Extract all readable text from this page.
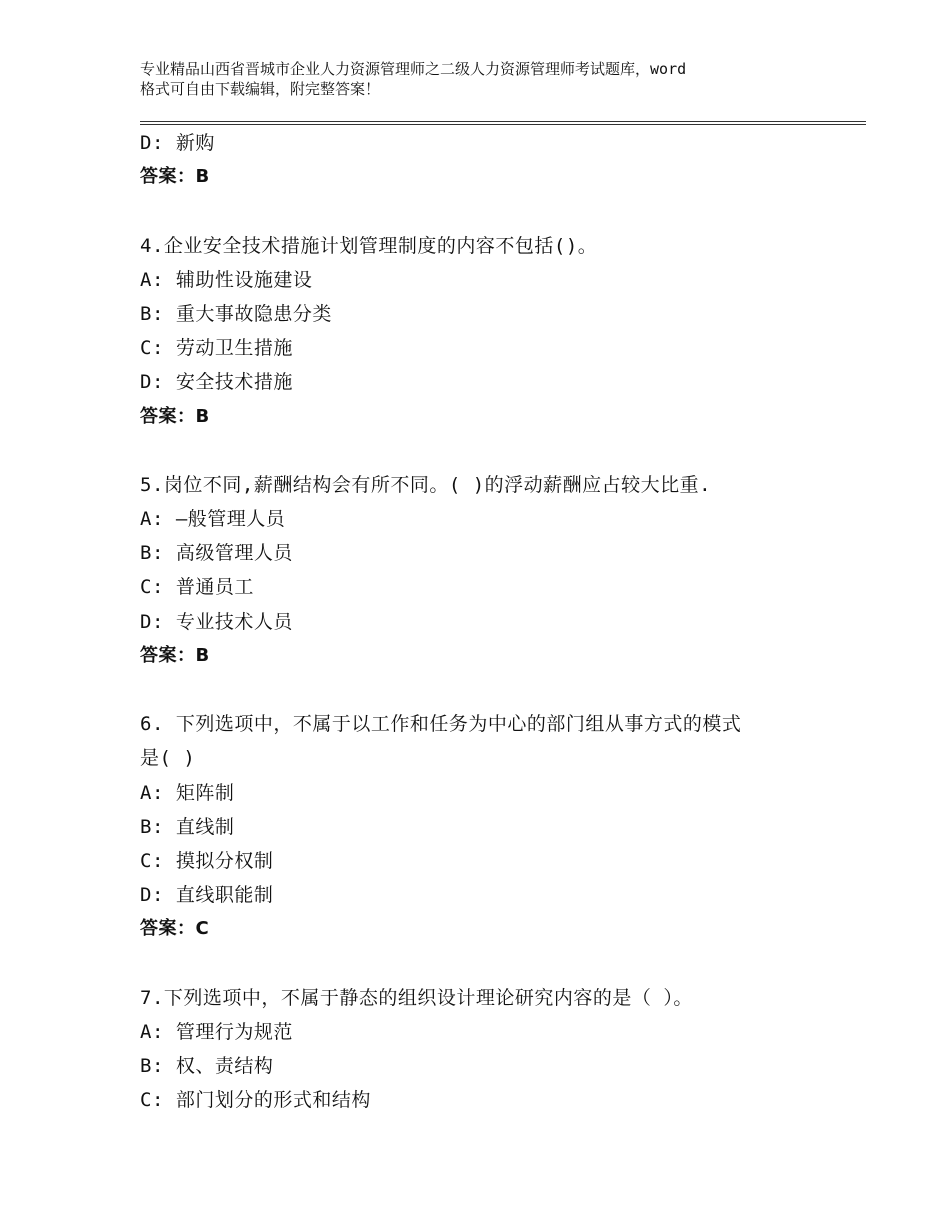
专业精品山西省晋城市企业人力资源管理师之二级人力资源管理师考试题库，word
格式可自由下载编辑，附完整答案！
D: 新购
答案：B
4.企业安全技术措施计划管理制度的内容不包括()。
A: 辅助性设施建设
B: 重大事故隐患分类
C: 劳动卫生措施
D: 安全技术措施
答案：B
5.岗位不同,薪酬结构会有所不同。( )的浮动薪酬应占较大比重.
A: —般管理人员
B: 高级管理人员
C: 普通员工
D: 专业技术人员
答案：B
6. 下列选项中，不属于以工作和任务为中心的部门组从事方式的模式
是( )
A: 矩阵制
B: 直线制
C: 摸拟分权制
D: 直线职能制
答案：C
7.下列选项中，不属于静态的组织设计理论研究内容的是（ ）。
A: 管理行为规范
B: 权、责结构
C: 部门划分的形式和结构
